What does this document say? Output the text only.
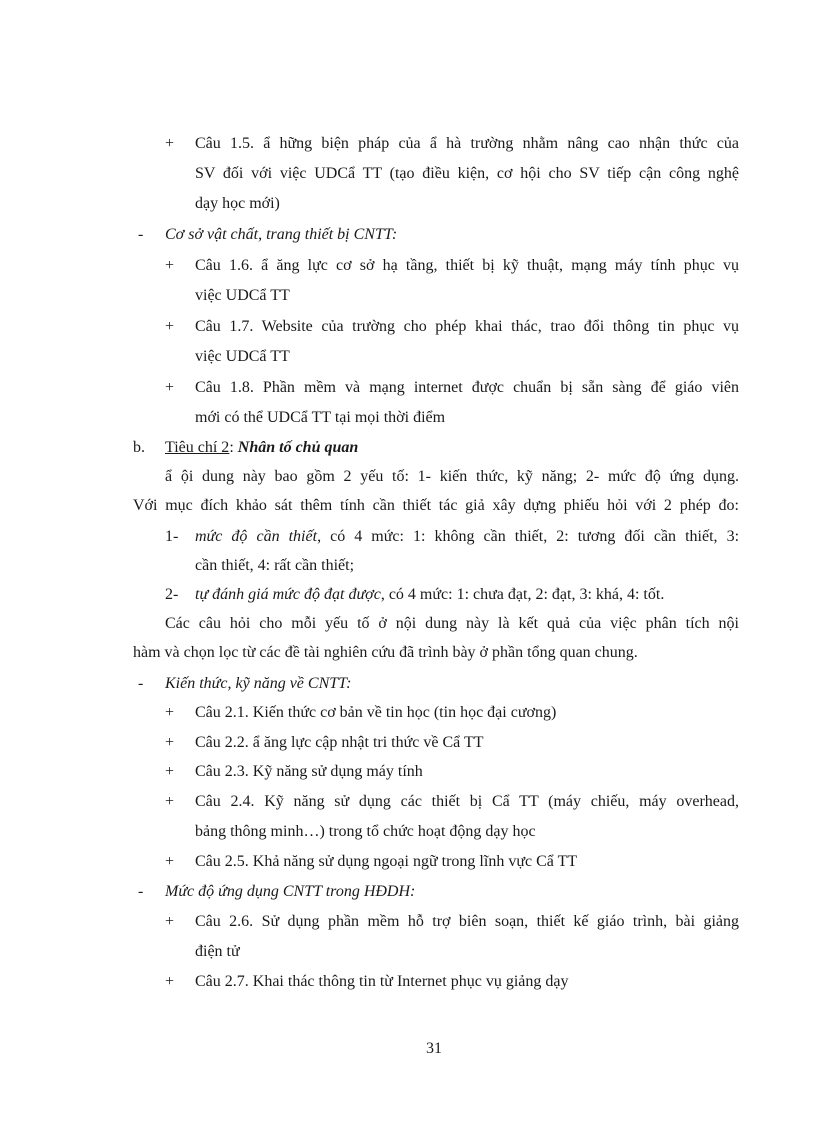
+ Câu 1.5. ẩ hững biện pháp của ẩ hà trường nhằm nâng cao nhận thức của
SV đối với việc UDCẩ TT (tạo điều kiện, cơ hội cho SV tiếp cận công nghệ
dạy học mới)
- Cơ sở vật chất, trang thiết bị CNTT:
+ Câu 1.6. ẩ ăng lực cơ sở hạ tầng, thiết bị kỹ thuật, mạng máy tính phục vụ
việc UDCẩ TT
+ Câu 1.7. Website của trường cho phép khai thác, trao đổi thông tin phục vụ
việc UDCẩ TT
+ Câu 1.8. Phần mềm và mạng internet được chuẩn bị sẵn sàng để giáo viên
mới có thể UDCẩ TT tại mọi thời điểm
b. Tiêu chí 2: Nhân tố chủ quan
ẩ ội dung này bao gồm 2 yếu tố: 1- kiến thức, kỹ năng; 2- mức độ ứng dụng.
Với mục đích khảo sát thêm tính cần thiết tác giả xây dựng phiếu hỏi với 2 phép đo:
1- mức độ cần thiết, có 4 mức: 1: không cần thiết, 2: tương đối cần thiết, 3:
cần thiết, 4: rất cần thiết;
2- tự đánh giá mức độ đạt được, có 4 mức: 1: chưa đạt, 2: đạt, 3: khá, 4: tốt.
Các câu hỏi cho mỗi yếu tố ở nội dung này là kết quả của việc phân tích nội
hàm và chọn lọc từ các đề tài nghiên cứu đã trình bày ở phần tổng quan chung.
- Kiến thức, kỹ năng về CNTT:
+ Câu 2.1. Kiến thức cơ bản về tin học (tin học đại cương)
+ Câu 2.2. ẩ ăng lực cập nhật tri thức về Cẩ TT
+ Câu 2.3. Kỹ năng sử dụng máy tính
+ Câu 2.4. Kỹ năng sử dụng các thiết bị Cẩ TT (máy chiếu, máy overhead,
bảng thông minh…) trong tổ chức hoạt động dạy học
+ Câu 2.5. Khả năng sử dụng ngoại ngữ trong lĩnh vực Cẩ TT
- Mức độ ứng dụng CNTT trong HĐDH:
+ Câu 2.6. Sử dụng phần mềm hỗ trợ biên soạn, thiết kế giáo trình, bài giảng
điện tử
+ Câu 2.7. Khai thác thông tin từ Internet phục vụ giảng dạy
31
